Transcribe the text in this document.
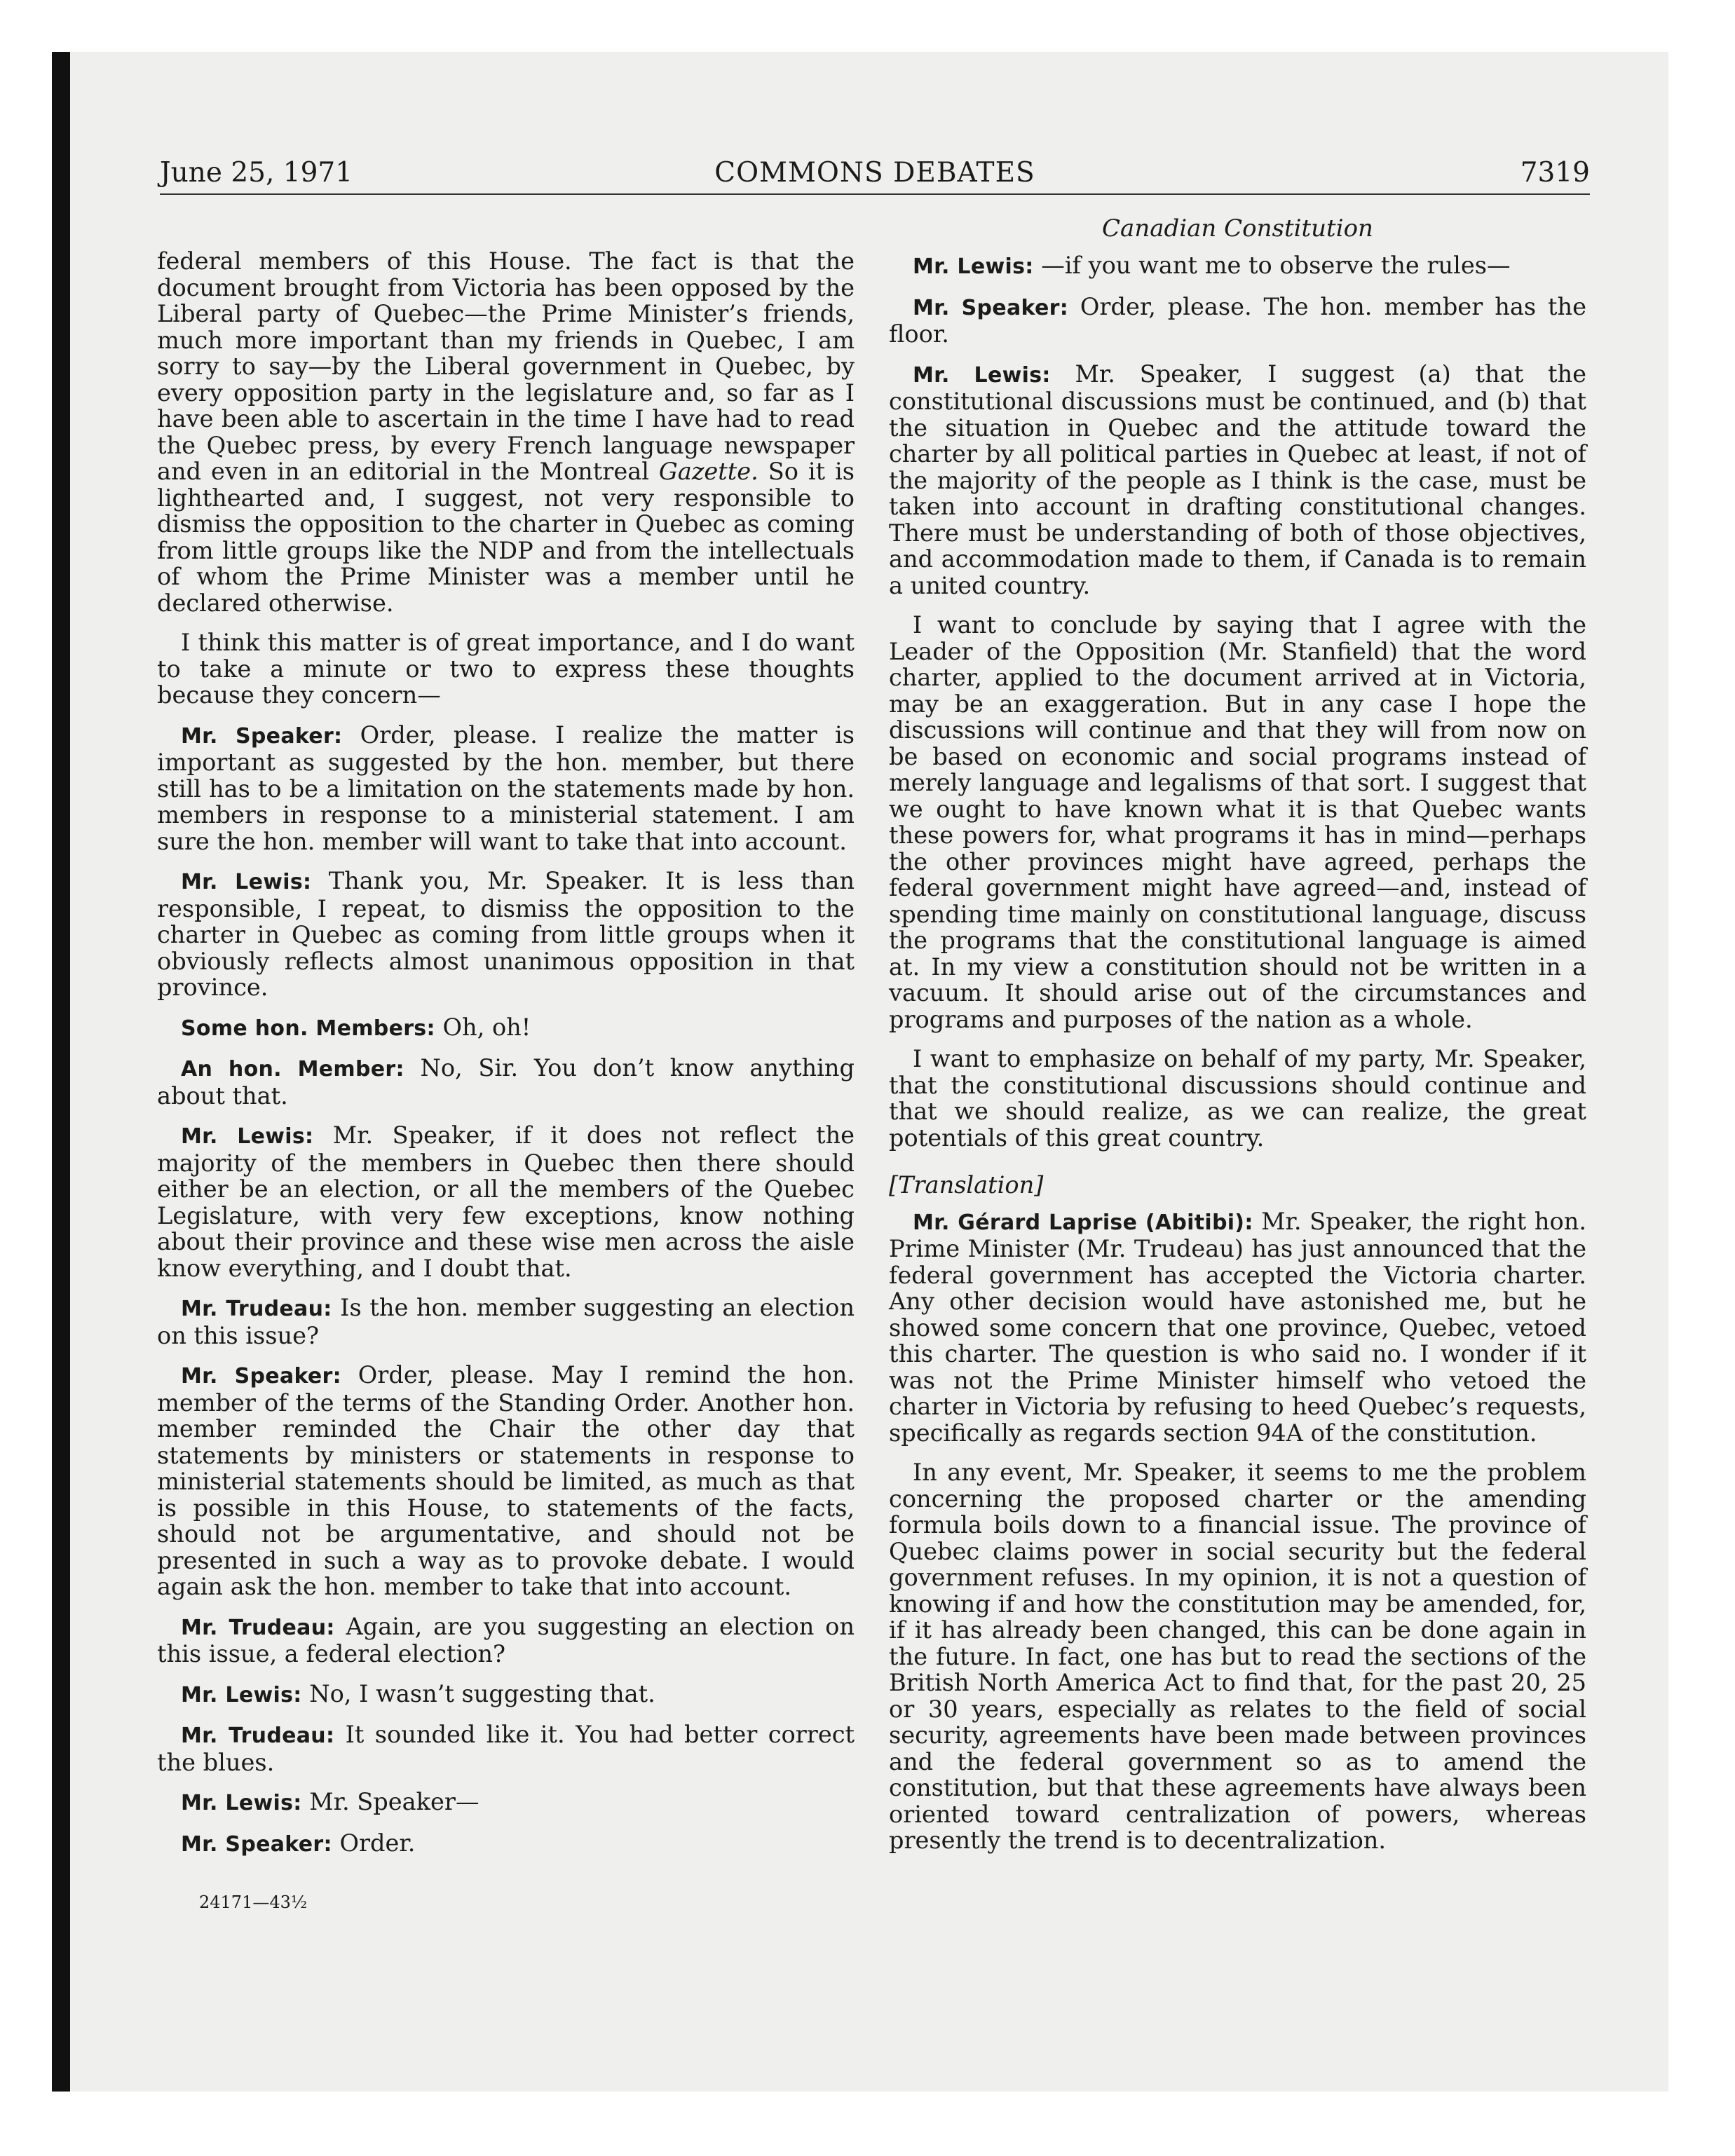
June 25, 1971	COMMONS DEBATES	7319
Canadian Constitution

federal members of this House. The fact is that the document brought from Victoria has been opposed by the Liberal party of Quebec—the Prime Minister’s friends, much more important than my friends in Quebec, I am sorry to say—by the Liberal government in Quebec, by every opposition party in the legislature and, so far as I have been able to ascertain in the time I have had to read the Quebec press, by every French language newspaper and even in an editorial in the Montreal Gazette. So it is lighthearted and, I suggest, not very responsible to dismiss the opposition to the charter in Quebec as coming from little groups like the NDP and from the intellectuals of whom the Prime Minister was a member until he declared otherwise.

I think this matter is of great importance, and I do want to take a minute or two to express these thoughts because they concern—

Mr. Speaker: Order, please. I realize the matter is important as suggested by the hon. member, but there still has to be a limitation on the statements made by hon. members in response to a ministerial statement. I am sure the hon. member will want to take that into account.

Mr. Lewis: Thank you, Mr. Speaker. It is less than responsible, I repeat, to dismiss the opposition to the charter in Quebec as coming from little groups when it obviously reflects almost unanimous opposition in that province.

Some hon. Members: Oh, oh!

An hon. Member: No, Sir. You don’t know anything about that.

Mr. Lewis: Mr. Speaker, if it does not reflect the majority of the members in Quebec then there should either be an election, or all the members of the Quebec Legislature, with very few exceptions, know nothing about their province and these wise men across the aisle know everything, and I doubt that.

Mr. Trudeau: Is the hon. member suggesting an election on this issue?

Mr. Speaker: Order, please. May I remind the hon. member of the terms of the Standing Order. Another hon. member reminded the Chair the other day that statements by ministers or statements in response to ministerial statements should be limited, as much as that is possible in this House, to statements of the facts, should not be argumentative, and should not be presented in such a way as to provoke debate. I would again ask the hon. member to take that into account.

Mr. Trudeau: Again, are you suggesting an election on this issue, a federal election?

Mr. Lewis: No, I wasn’t suggesting that.

Mr. Trudeau: It sounded like it. You had better correct the blues.

Mr. Lewis: Mr. Speaker—

Mr. Speaker: Order.

24171—43½

Mr. Lewis: —if you want me to observe the rules—

Mr. Speaker: Order, please. The hon. member has the floor.

Mr. Lewis: Mr. Speaker, I suggest (a) that the constitutional discussions must be continued, and (b) that the situation in Quebec and the attitude toward the charter by all political parties in Quebec at least, if not of the majority of the people as I think is the case, must be taken into account in drafting constitutional changes. There must be understanding of both of those objectives, and accommodation made to them, if Canada is to remain a united country.

I want to conclude by saying that I agree with the Leader of the Opposition (Mr. Stanfield) that the word charter, applied to the document arrived at in Victoria, may be an exaggeration. But in any case I hope the discussions will continue and that they will from now on be based on economic and social programs instead of merely language and legalisms of that sort. I suggest that we ought to have known what it is that Quebec wants these powers for, what programs it has in mind—perhaps the other provinces might have agreed, perhaps the federal government might have agreed—and, instead of spending time mainly on constitutional language, discuss the programs that the constitutional language is aimed at. In my view a constitution should not be written in a vacuum. It should arise out of the circumstances and programs and purposes of the nation as a whole.

I want to emphasize on behalf of my party, Mr. Speaker, that the constitutional discussions should continue and that we should realize, as we can realize, the great potentials of this great country.

[Translation]

Mr. Gérard Laprise (Abitibi): Mr. Speaker, the right hon. Prime Minister (Mr. Trudeau) has just announced that the federal government has accepted the Victoria charter. Any other decision would have astonished me, but he showed some concern that one province, Quebec, vetoed this charter. The question is who said no. I wonder if it was not the Prime Minister himself who vetoed the charter in Victoria by refusing to heed Quebec’s requests, specifically as regards section 94A of the constitution.

In any event, Mr. Speaker, it seems to me the problem concerning the proposed charter or the amending formula boils down to a financial issue. The province of Quebec claims power in social security but the federal government refuses. In my opinion, it is not a question of knowing if and how the constitution may be amended, for, if it has already been changed, this can be done again in the future. In fact, one has but to read the sections of the British North America Act to find that, for the past 20, 25 or 30 years, especially as relates to the field of social security, agreements have been made between provinces and the federal government so as to amend the constitution, but that these agreements have always been oriented toward centralization of powers, whereas presently the trend is to decentralization.
